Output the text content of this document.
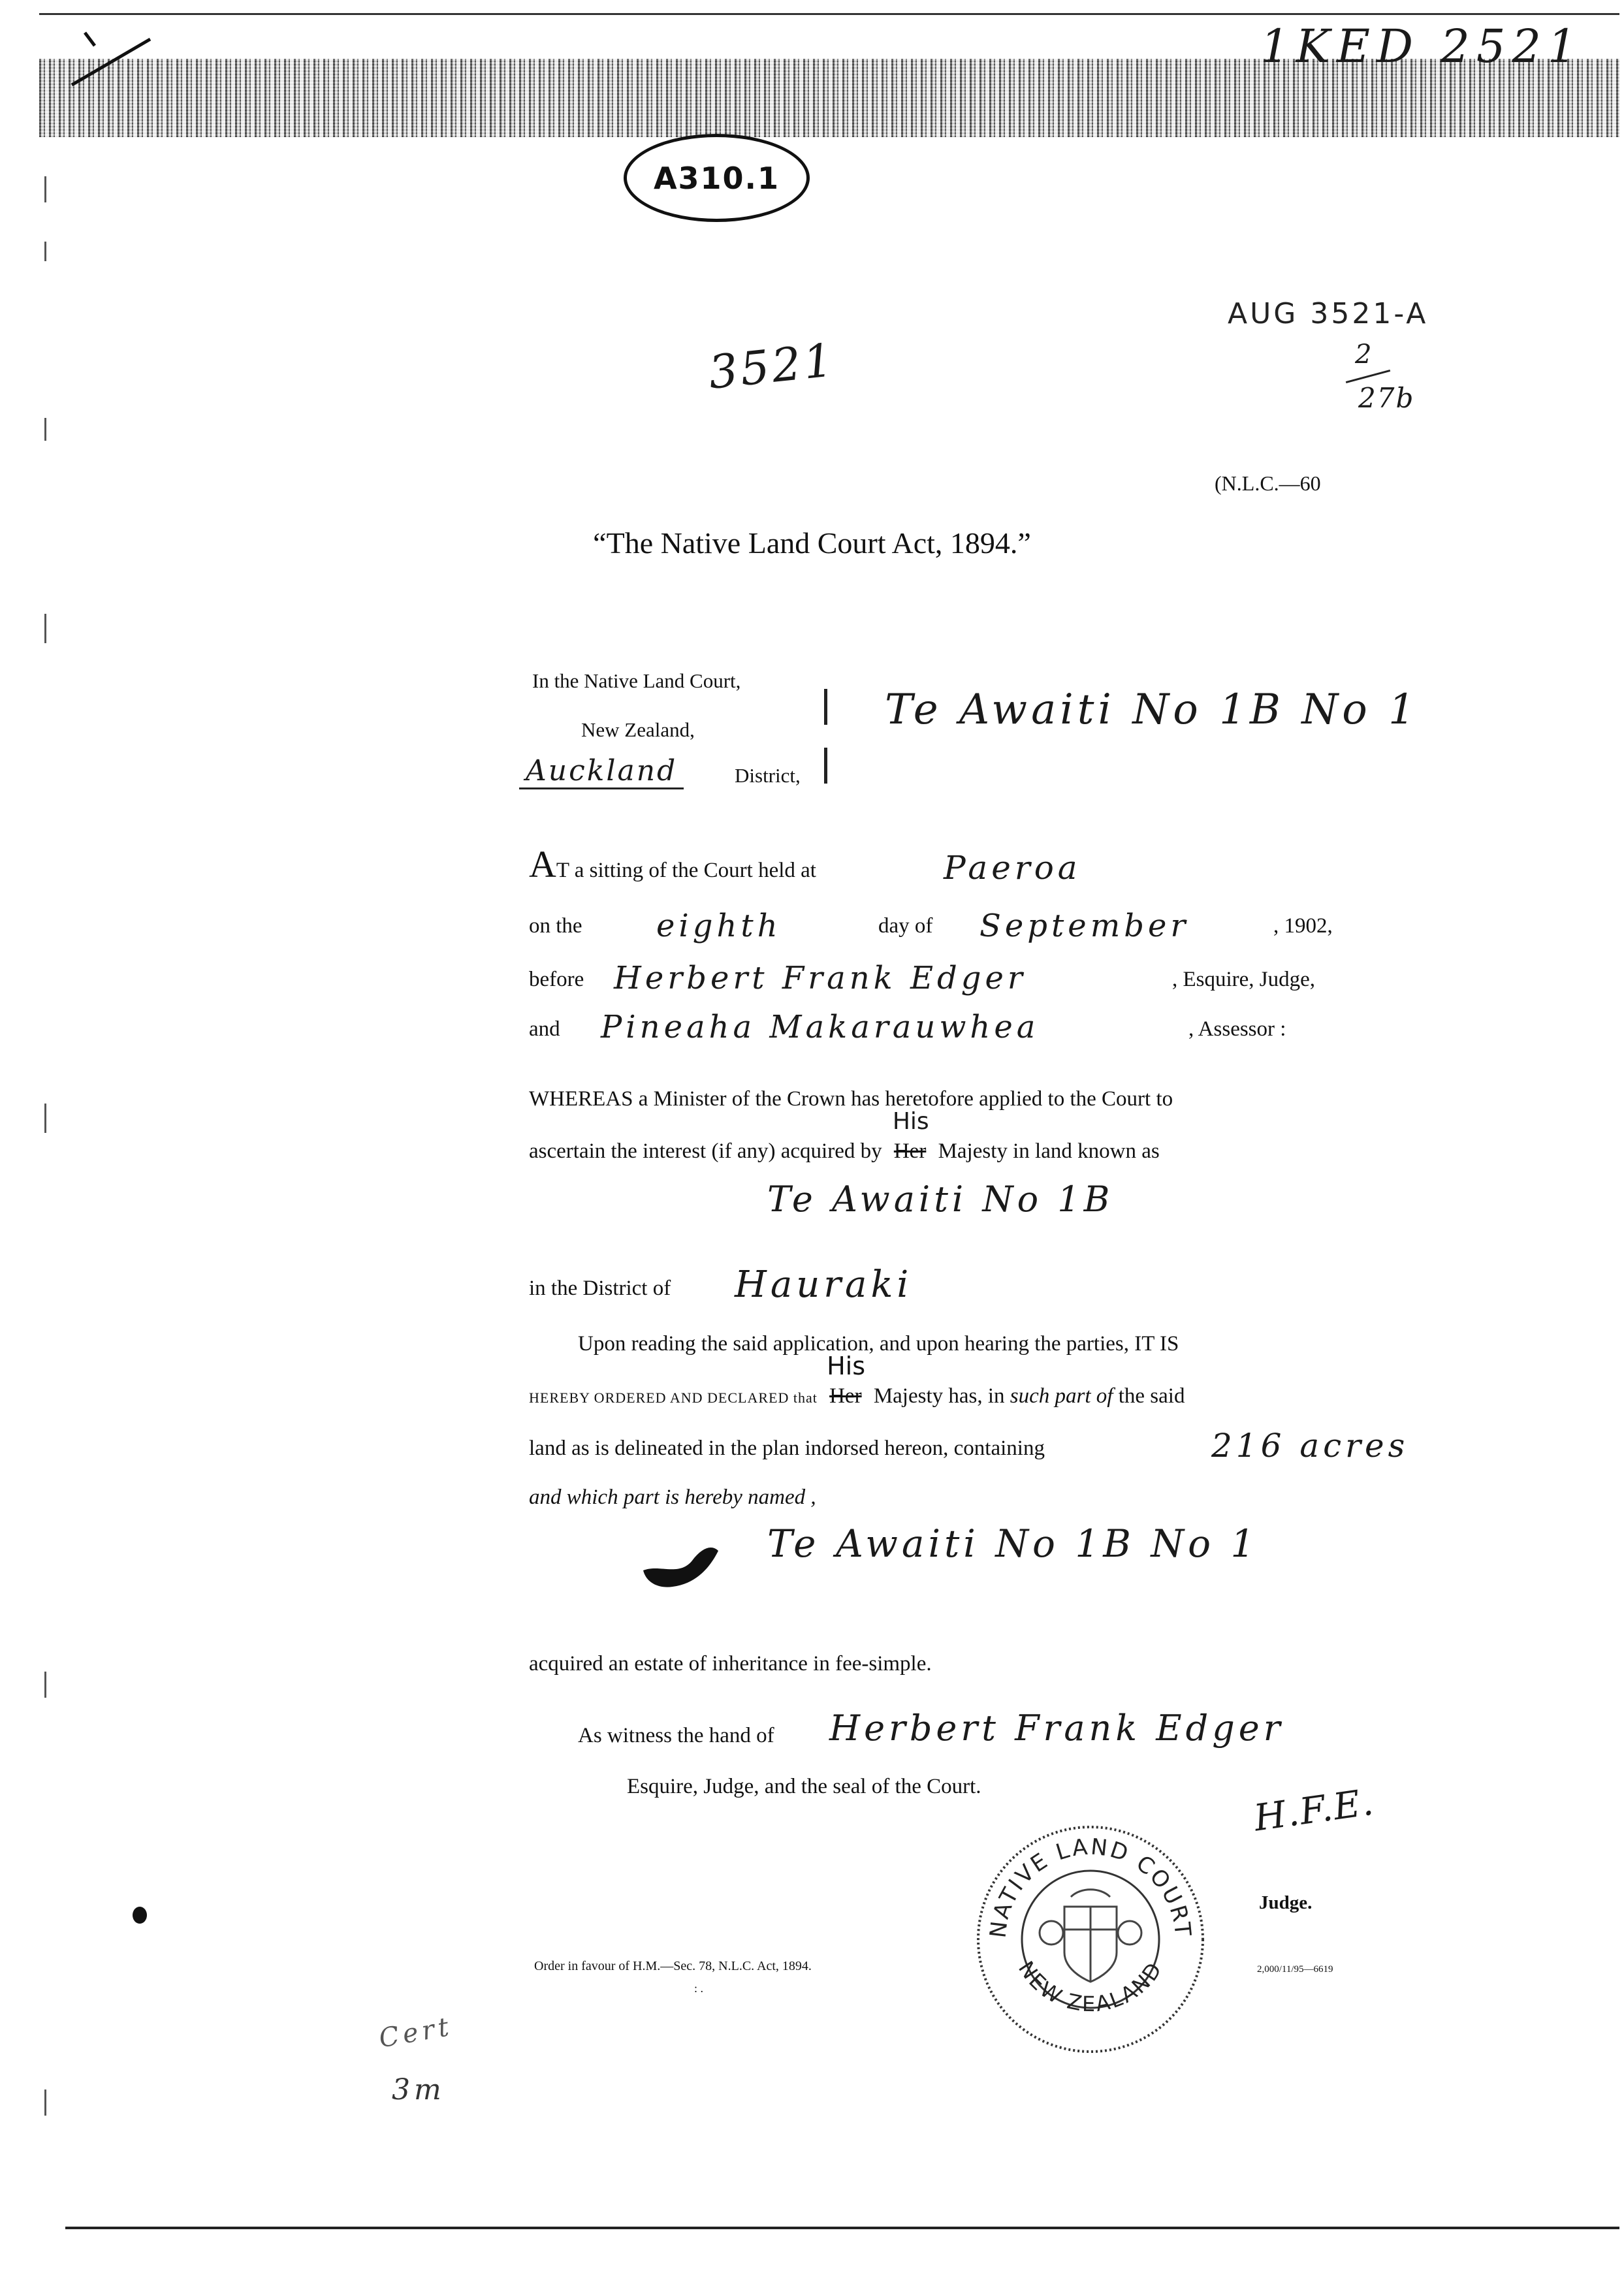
1KED 2521
A310.1
3521
AUG 3521-A
2
27b
(N.L.C.—60
“The Native Land Court Act, 1894.”
In the Native Land Court,
New Zealand,
Auckland	District,
Te Awaiti No 1B No 1
AT a sitting of the Court held at	Paeroa
on the eighth	day of September	, 1902,
before Herbert Frank Edger	, Esquire, Judge,
and Pineaha Makarauwhea	, Assessor :
WHEREAS a Minister of the Crown has heretofore applied to the Court to
ascertain the interest (if any) acquired by Her
His
Majesty in land known as
Te Awaiti No 1B
in the District of Hauraki
Upon reading the said application, and upon hearing the parties, IT IS
HEREBY ORDERED AND DECLARED that Her
His
Majesty has, in such part of the said
land as is delineated in the plan indorsed hereon, containing	216 acres
and which part is hereby named ,
Te Awaiti No 1B No 1
acquired an estate of inheritance in fee-simple.
As witness the hand of Herbert Frank Edger
Esquire, Judge, and the seal of the Court.	H.F.E.
Judge.
NATIVE LAND COURT
NEW ZEALAND
Order in favour of H.M.—Sec. 78, N.L.C. Act, 1894.
: .
2,000/11/95—6619
Cert
3m
